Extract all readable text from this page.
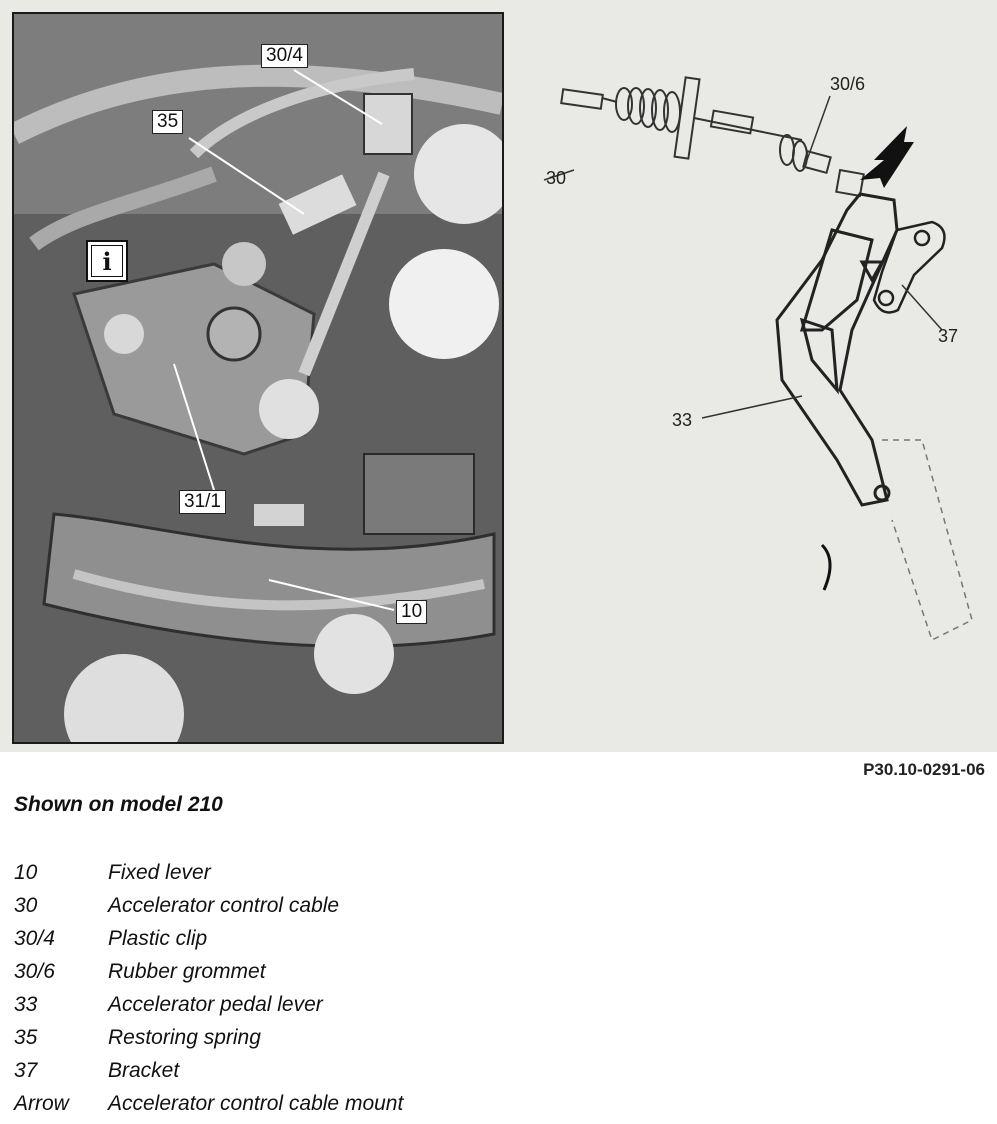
30/4
35
31/1
10
i
30
30/6
37
33
P30.10-0291-06
Shown on model 210
10	Fixed lever
30	Accelerator control cable
30/4	Plastic clip
30/6	Rubber grommet
33	Accelerator pedal lever
35	Restoring spring
37	Bracket
Arrow	Accelerator control cable mount
